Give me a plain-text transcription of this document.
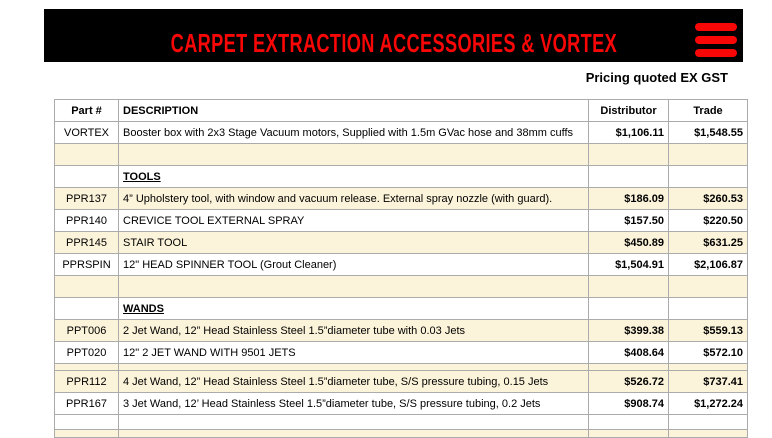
CARPET EXTRACTION ACCESSORIES & VORTEX
Pricing quoted EX GST
Part #	DESCRIPTION	Distributor	Trade
VORTEX	Booster box with 2x3 Stage Vacuum motors, Supplied with 1.5m GVac hose and 38mm cuffs	$1,106.11	$1,548.55

	TOOLS		
PPR137	4” Upholstery tool, with window and vacuum release. External spray nozzle (with guard).	$186.09	$260.53
PPR140	CREVICE TOOL EXTERNAL SPRAY	$157.50	$220.50
PPR145	STAIR TOOL	$450.89	$631.25
PPRSPIN	12" HEAD SPINNER TOOL (Grout Cleaner)	$1,504.91	$2,106.87

	WANDS		
PPT006	2 Jet Wand, 12” Head Stainless Steel 1.5”diameter tube with 0.03 Jets	$399.38	$559.13
PPT020	12" 2 JET WAND WITH 9501 JETS	$408.64	$572.10

PPR112	4 Jet Wand, 12” Head Stainless Steel 1.5”diameter tube, S/S pressure tubing, 0.15 Jets	$526.72	$737.41
PPR167	3 Jet Wand, 12’ Head Stainless Steel 1.5”diameter tube, S/S pressure tubing, 0.2 Jets	$908.74	$1,272.24
